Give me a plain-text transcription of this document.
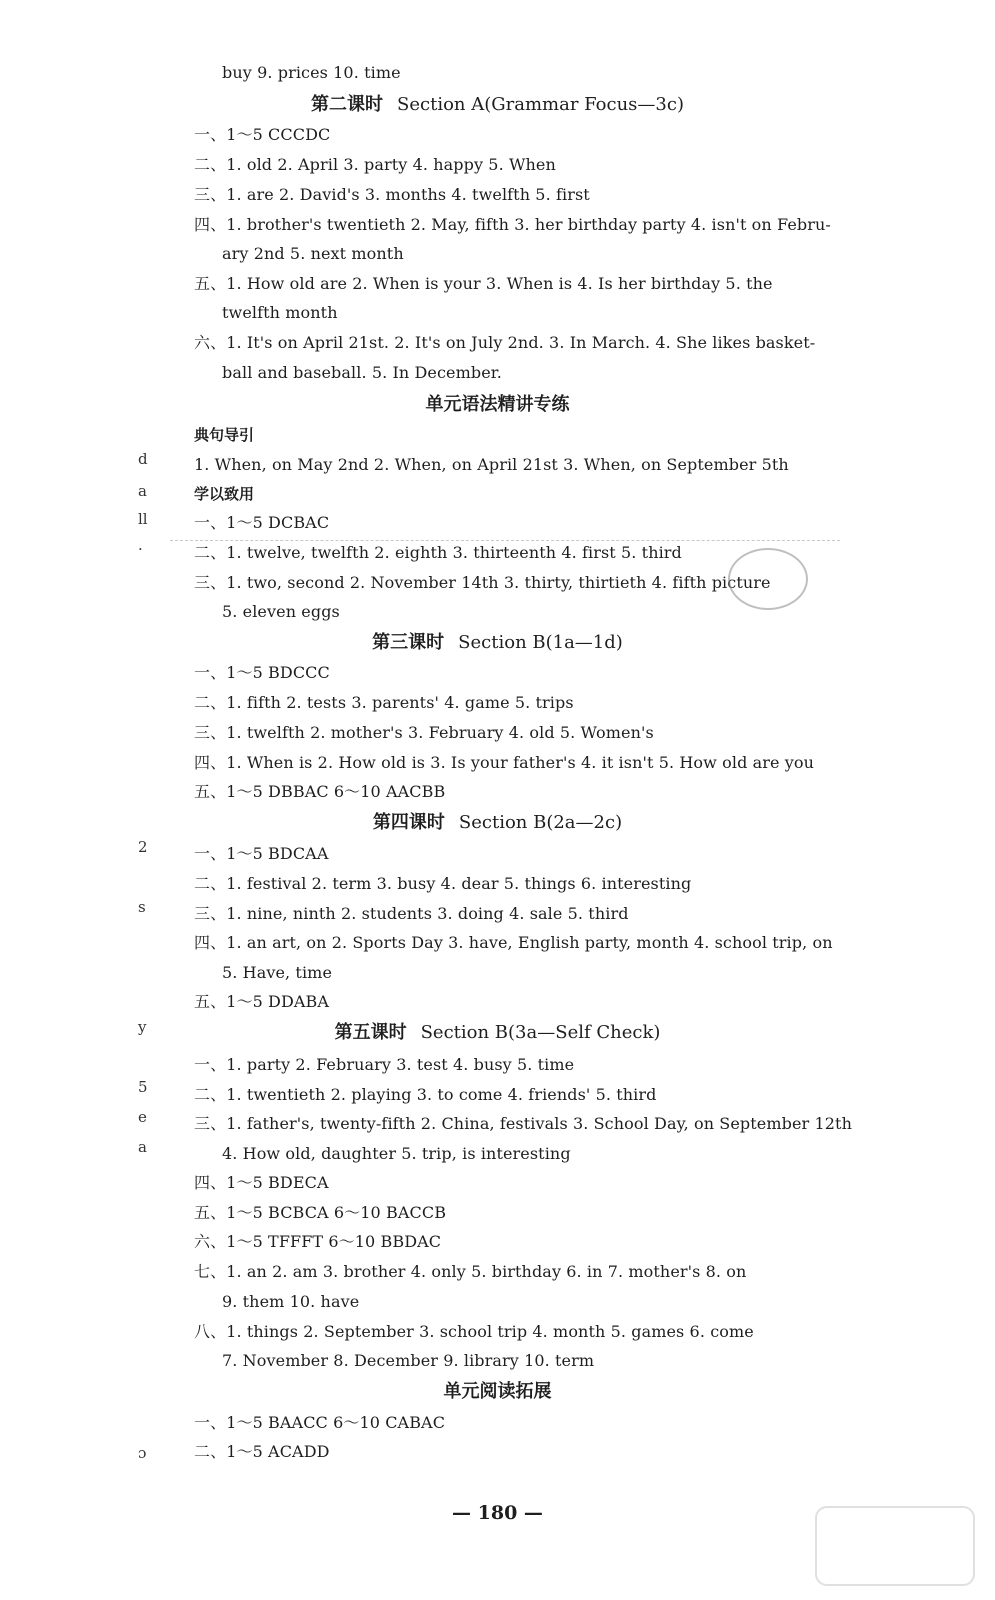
buy 9. prices 10. time
第二课时 Section A(Grammar Focus—3c)
一、1～5 CCCDC
二、1. old 2. April 3. party 4. happy 5. When
三、1. are 2. David's 3. months 4. twelfth 5. first
四、1. brother's twentieth 2. May, fifth 3. her birthday party 4. isn't on Febru-
ary 2nd 5. next month
五、1. How old are 2. When is your 3. When is 4. Is her birthday 5. the
twelfth month
六、1. It's on April 21st. 2. It's on July 2nd. 3. In March. 4. She likes basket-
ball and baseball. 5. In December.
单元语法精讲专练
典句导引
1. When, on May 2nd 2. When, on April 21st 3. When, on September 5th
学以致用
一、1～5 DCBAC
二、1. twelve, twelfth 2. eighth 3. thirteenth 4. first 5. third
三、1. two, second 2. November 14th 3. thirty, thirtieth 4. fifth picture
5. eleven eggs
第三课时 Section B(1a—1d)
一、1～5 BDCCC
二、1. fifth 2. tests 3. parents' 4. game 5. trips
三、1. twelfth 2. mother's 3. February 4. old 5. Women's
四、1. When is 2. How old is 3. Is your father's 4. it isn't 5. How old are you
五、1～5 DBBAC 6～10 AACBB
第四课时 Section B(2a—2c)
一、1～5 BDCAA
二、1. festival 2. term 3. busy 4. dear 5. things 6. interesting
三、1. nine, ninth 2. students 3. doing 4. sale 5. third
四、1. an art, on 2. Sports Day 3. have, English party, month 4. school trip, on
5. Have, time
五、1～5 DDABA
第五课时 Section B(3a—Self Check)
一、1. party 2. February 3. test 4. busy 5. time
二、1. twentieth 2. playing 3. to come 4. friends' 5. third
三、1. father's, twenty-fifth 2. China, festivals 3. School Day, on September 12th
4. How old, daughter 5. trip, is interesting
四、1～5 BDECA
五、1～5 BCBCA 6～10 BACCB
六、1～5 TFFFT 6～10 BBDAC
七、1. an 2. am 3. brother 4. only 5. birthday 6. in 7. mother's 8. on
9. them 10. have
八、1. things 2. September 3. school trip 4. month 5. games 6. come
7. November 8. December 9. library 10. term
单元阅读拓展
一、1～5 BAACC 6～10 CABAC
二、1～5 ACADD
d
a
ll
·
2
s
y
5
e
a
ɔ
— 180 —
